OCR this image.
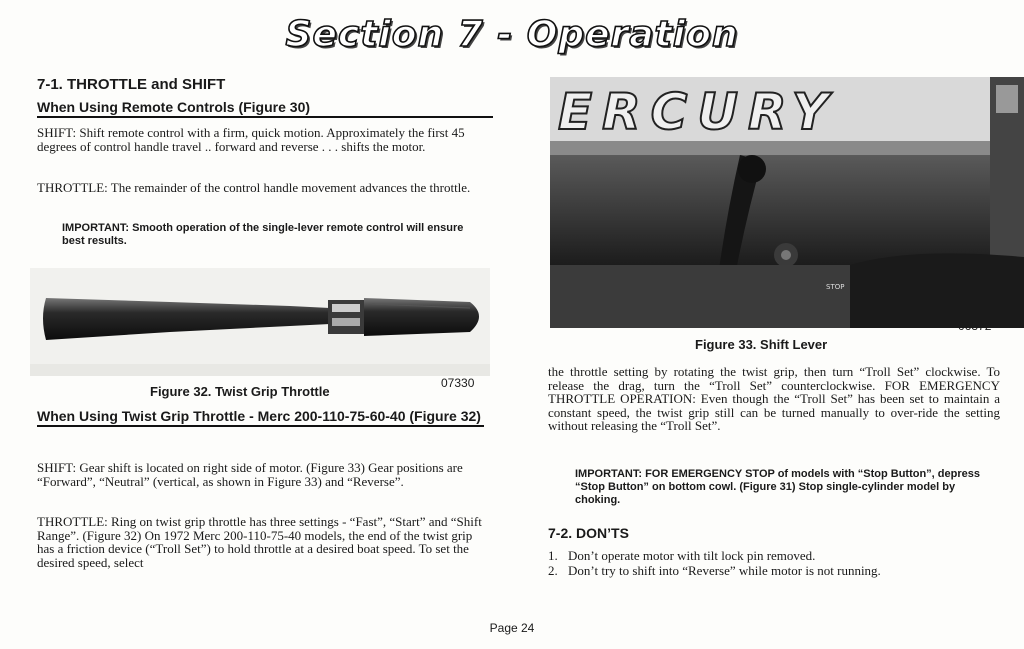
Section 7 - Operation
7-1. THROTTLE and SHIFT
When Using Remote Controls (Figure 30)

SHIFT: Shift remote control with a firm, quick motion. Approximately the first 45 degrees of control handle travel .. forward and reverse . . . shifts the motor.

THROTTLE: The remainder of the control handle movement advances the throttle.

IMPORTANT: Smooth operation of the single-lever remote control will ensure best results.

Figure 32. Twist Grip Throttle
07330
When Using Twist Grip Throttle - Merc 200-110-75-60-40 (Figure 32)

SHIFT: Gear shift is located on right side of motor. (Figure 33) Gear positions are “Forward”, “Neutral” (vertical, as shown in Figure 33) and “Reverse”.

THROTTLE: Ring on twist grip throttle has three settings - “Fast”, “Start” and “Shift Range”. (Figure 32) On 1972 Merc 200-110-75-40 models, the end of the twist grip has a friction device (“Troll Set”) to hold throttle at a desired boat speed. To set the desired speed, select

ERCURY
STOP
06372
Figure 33. Shift Lever

the throttle setting by rotating the twist grip, then turn “Troll Set” clockwise. To release the drag, turn the “Troll Set” counterclockwise. FOR EMERGENCY THROTTLE OPERATION: Even though the “Troll Set” has been set to maintain a constant speed, the twist grip still can be turned manually to over-ride the setting without releasing the “Troll Set”.

IMPORTANT: FOR EMERGENCY STOP of models with “Stop Button”, depress “Stop Button” on bottom cowl. (Figure 31) Stop single-cylinder model by choking.

7-2. DON’TS
1. Don’t operate motor with tilt lock pin removed.
2. Don’t try to shift into “Reverse” while motor is not running.
Page 24
